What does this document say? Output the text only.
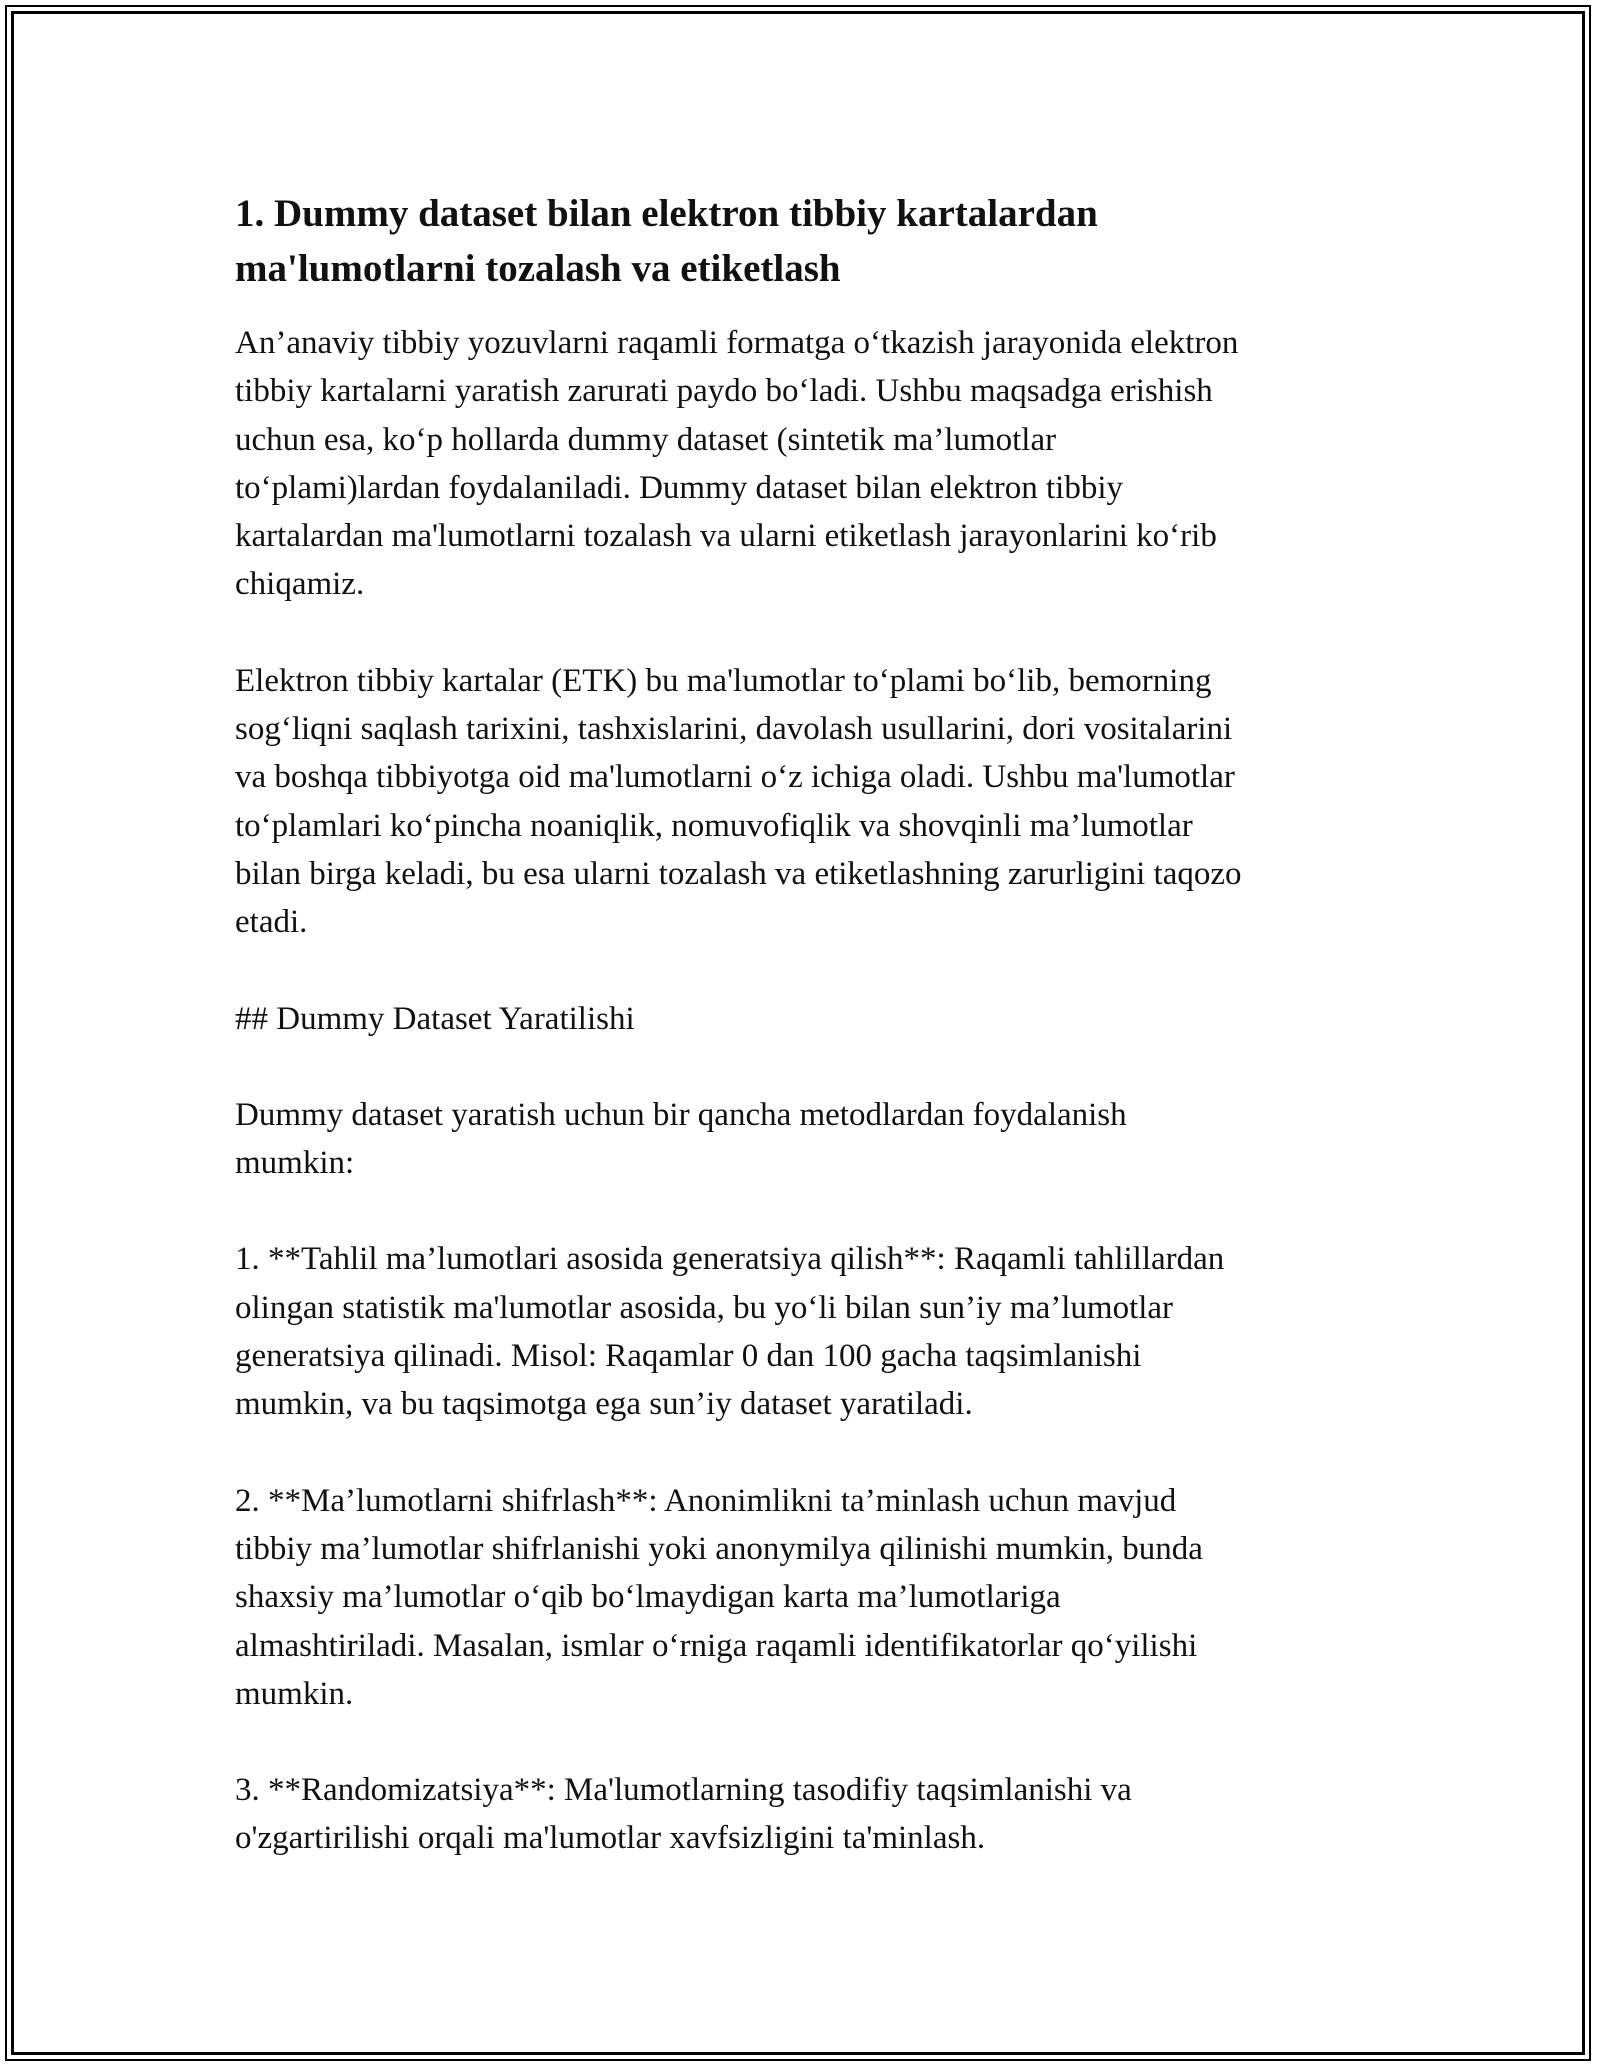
1. Dummy dataset bilan elektron tibbiy kartalardan
ma'lumotlarni tozalash va etiketlash

An’anaviy tibbiy yozuvlarni raqamli formatga oʻtkazish jarayonida elektron
tibbiy kartalarni yaratish zarurati paydo boʻladi. Ushbu maqsadga erishish
uchun esa, koʻp hollarda dummy dataset (sintetik ma’lumotlar
toʻplami)lardan foydalaniladi. Dummy dataset bilan elektron tibbiy
kartalardan ma'lumotlarni tozalash va ularni etiketlash jarayonlarini koʻrib
chiqamiz.

Elektron tibbiy kartalar (ETK) bu ma'lumotlar toʻplami boʻlib, bemorning
sogʻliqni saqlash tarixini, tashxislarini, davolash usullarini, dori vositalarini
va boshqa tibbiyotga oid ma'lumotlarni oʻz ichiga oladi. Ushbu ma'lumotlar
toʻplamlari koʻpincha noaniqlik, nomuvofiqlik va shovqinli ma’lumotlar
bilan birga keladi, bu esa ularni tozalash va etiketlashning zarurligini taqozo
etadi.

## Dummy Dataset Yaratilishi

Dummy dataset yaratish uchun bir qancha metodlardan foydalanish
mumkin:

1. **Tahlil ma’lumotlari asosida generatsiya qilish**: Raqamli tahlillardan
olingan statistik ma'lumotlar asosida, bu yoʻli bilan sun’iy ma’lumotlar
generatsiya qilinadi. Misol: Raqamlar 0 dan 100 gacha taqsimlanishi
mumkin, va bu taqsimotga ega sun’iy dataset yaratiladi.

2. **Ma’lumotlarni shifrlash**: Anonimlikni ta’minlash uchun mavjud
tibbiy ma’lumotlar shifrlanishi yoki anonymilya qilinishi mumkin, bunda
shaxsiy ma’lumotlar oʻqib boʻlmaydigan karta ma’lumotlariga
almashtiriladi. Masalan, ismlar oʻrniga raqamli identifikatorlar qoʻyilishi
mumkin.

3. **Randomizatsiya**: Ma'lumotlarning tasodifiy taqsimlanishi va
o'zgartirilishi orqali ma'lumotlar xavfsizligini ta'minlash.
